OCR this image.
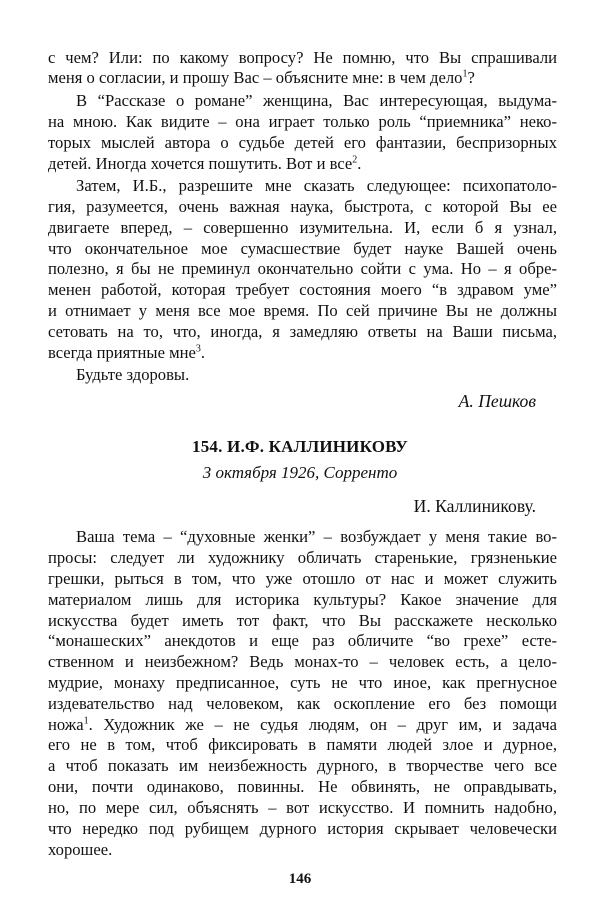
с чем? Или: по какому вопросу? Не помню, что Вы спрашивали
меня о согласии, и прошу Вас – объясните мне: в чем дело$^1$?
В “Рассказе о романе” женщина, Вас интересующая, выдума-
на мною. Как видите – она играет только роль “приемника” неко-
торых мыслей автора о судьбе детей его фантазии, беспризорных
детей. Иногда хочется пошутить. Вот и все$^2$.
Затем, И.Б., разрешите мне сказать следующее: психопатоло-
гия, разумеется, очень важная наука, быстрота, с которой Вы ее
двигаете вперед, – совершенно изумительна. И, если б я узнал,
что окончательное мое сумасшествие будет науке Вашей очень
полезно, я бы не преминул окончательно сойти с ума. Но – я обре-
менен работой, которая требует состояния моего “в здравом уме”
и отнимает у меня все мое время. По сей причине Вы не должны
сетовать на то, что, иногда, я замедляю ответы на Ваши письма,
всегда приятные мне$^3$.
Будьте здоровы.
А. Пешков
154. И.Ф. КАЛЛИНИКОВУ
3 октября 1926, Сорренто
И. Каллиникову.
Ваша тема – “духовные женки” – возбуждает у меня такие во-
просы: следует ли художнику обличать старенькие, грязненькие
грешки, рыться в том, что уже отошло от нас и может служить
материалом лишь для историка культуры? Какое значение для
искусства будет иметь тот факт, что Вы расскажете несколько
“монашеских” анекдотов и еще раз обличите “во грехе” есте-
ственном и неизбежном? Ведь монах-то – человек есть, а цело-
мудрие, монаху предписанное, суть не что иное, как прегнусное
издевательство над человеком, как оскопление его без помощи
ножа$^1$. Художник же – не судья людям, он – друг им, и задача
его не в том, чтоб фиксировать в памяти людей злое и дурное,
а чтоб показать им неизбежность дурного, в творчестве чего все
они, почти одинаково, повинны. Не обвинять, не оправдывать,
но, по мере сил, объяснять – вот искусство. И помнить надобно,
что нередко под рубищем дурного история скрывает человечески
хорошее.
146
